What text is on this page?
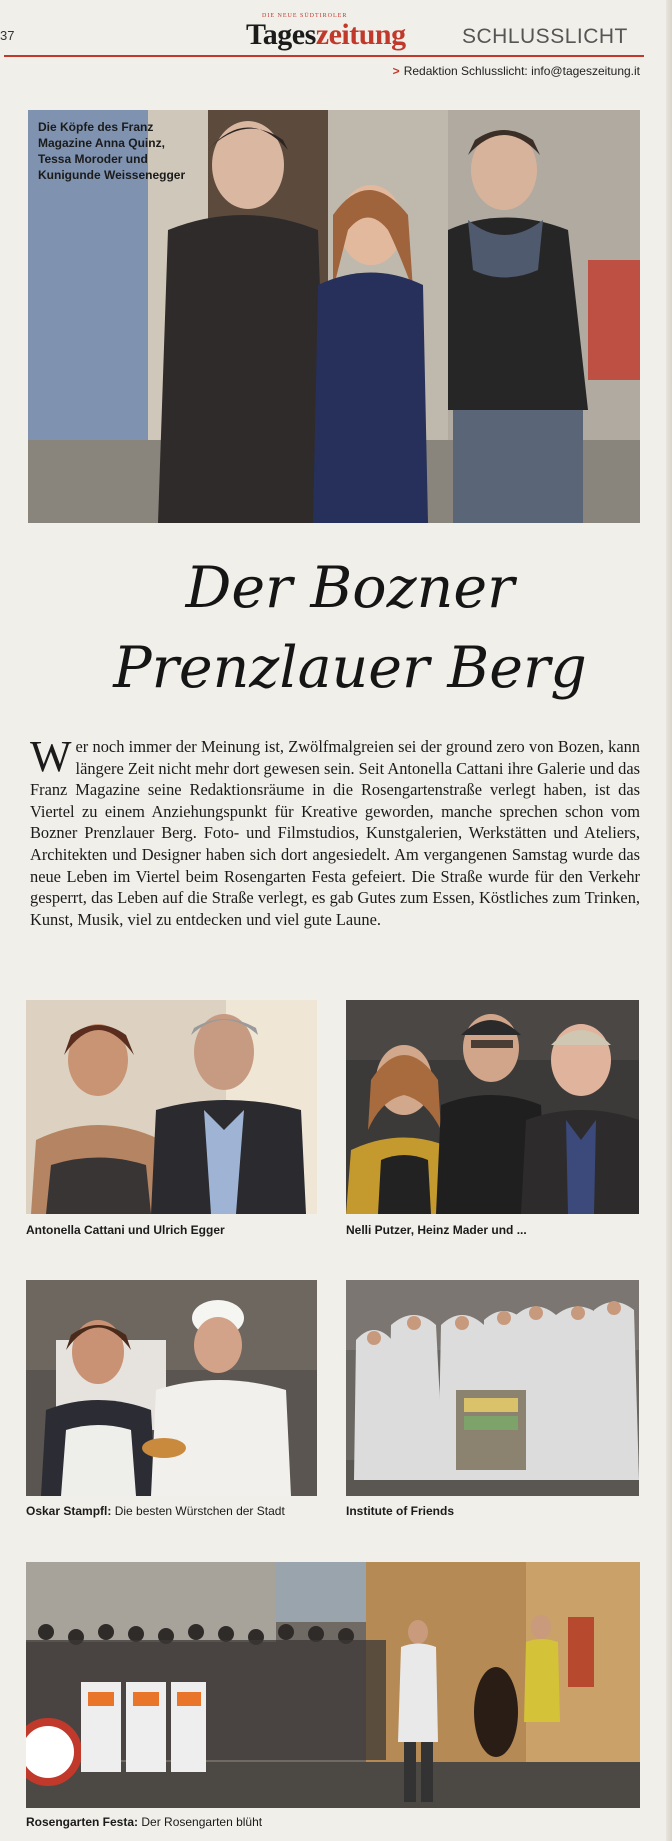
37
DIE NEUE SÜDTIROLER
Tageszeitung	SCHLUSSLICHT
> Redaktion Schlusslicht: info@tageszeitung.it
Die Köpfe des Franz Magazine Anna Quinz, Tessa Moroder und Kunigunde Weissenegger
Der Bozner
Prenzlauer Berg

Wer noch immer der Meinung ist, Zwölfmalgreien sei der ground zero von Bozen, kann längere Zeit nicht mehr dort gewesen sein. Seit Antonella Cattani ihre Galerie und das Franz Magazine seine Redaktionsräume in die Rosengartenstraße verlegt haben, ist das Viertel zu einem Anziehungspunkt für Kreative geworden, manche sprechen schon vom Bozner Prenzlauer Berg. Foto- und Filmstudios, Kunstgalerien, Werkstätten und Ateliers, Architekten und Designer haben sich dort angesiedelt. Am vergangenen Samstag wurde das neue Leben im Viertel beim Rosengarten Festa gefeiert. Die Straße wurde für den Verkehr gesperrt, das Leben auf die Straße verlegt, es gab Gutes zum Essen, Köstliches zum Trinken, Kunst, Musik, viel zu entdecken und viel gute Laune.

Antonella Cattani und Ulrich Egger	Nelli Putzer, Heinz Mader und ...
Oskar Stampfl: Die besten Würstchen der Stadt	Institute of Friends
Rosengarten Festa: Der Rosengarten blüht
